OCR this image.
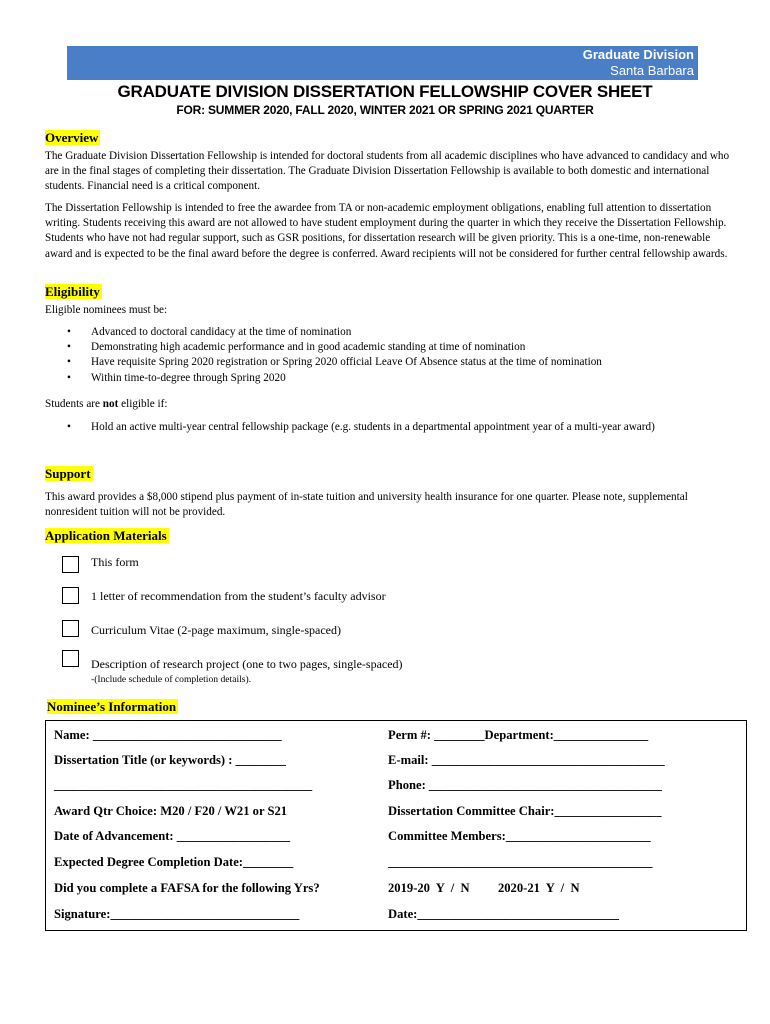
Graduate Division
Santa Barbara
GRADUATE DIVISION DISSERTATION FELLOWSHIP COVER SHEET
FOR: SUMMER 2020, FALL 2020, WINTER 2021 OR SPRING 2021 QUARTER
Overview
The Graduate Division Dissertation Fellowship is intended for doctoral students from all academic disciplines who have advanced to candidacy and who are in the final stages of completing their dissertation. The Graduate Division Dissertation Fellowship is available to both domestic and international students. Financial need is a critical component.
The Dissertation Fellowship is intended to free the awardee from TA or non-academic employment obligations, enabling full attention to dissertation writing. Students receiving this award are not allowed to have student employment during the quarter in which they receive the Dissertation Fellowship. Students who have not had regular support, such as GSR positions, for dissertation research will be given priority. This is a one-time, non-renewable award and is expected to be the final award before the degree is conferred. Award recipients will not be considered for further central fellowship awards.
Eligibility
Eligible nominees must be:
• Advanced to doctoral candidacy at the time of nomination
• Demonstrating high academic performance and in good academic standing at time of nomination
• Have requisite Spring 2020 registration or Spring 2020 official Leave Of Absence status at the time of nomination
• Within time-to-degree through Spring 2020
Students are not eligible if:
• Hold an active multi-year central fellowship package (e.g. students in a departmental appointment year of a multi-year award)
Support
This award provides a $8,000 stipend plus payment of in-state tuition and university health insurance for one quarter. Please note, supplemental nonresident tuition will not be provided.
Application Materials
This form
1 letter of recommendation from the student’s faculty advisor
Curriculum Vitae (2-page maximum, single-spaced)
Description of research project (one to two pages, single-spaced)
-(Include schedule of completion details).
Nominee’s Information
Name: ______________________________
Dissertation Title (or keywords) : ________
_________________________________________
Award Qtr Choice: M20 / F20 / W21 or S21
Date of Advancement: __________________
Expected Degree Completion Date:________
Did you complete a FAFSA for the following Yrs?
Signature:______________________________
Perm #: ________Department:_______________
E-mail: _____________________________________
Phone: _____________________________________
Dissertation Committee Chair:_________________
Committee Members:_______________________
__________________________________________
2019-20  Y  /  N         2020-21  Y  /  N
Date:________________________________
